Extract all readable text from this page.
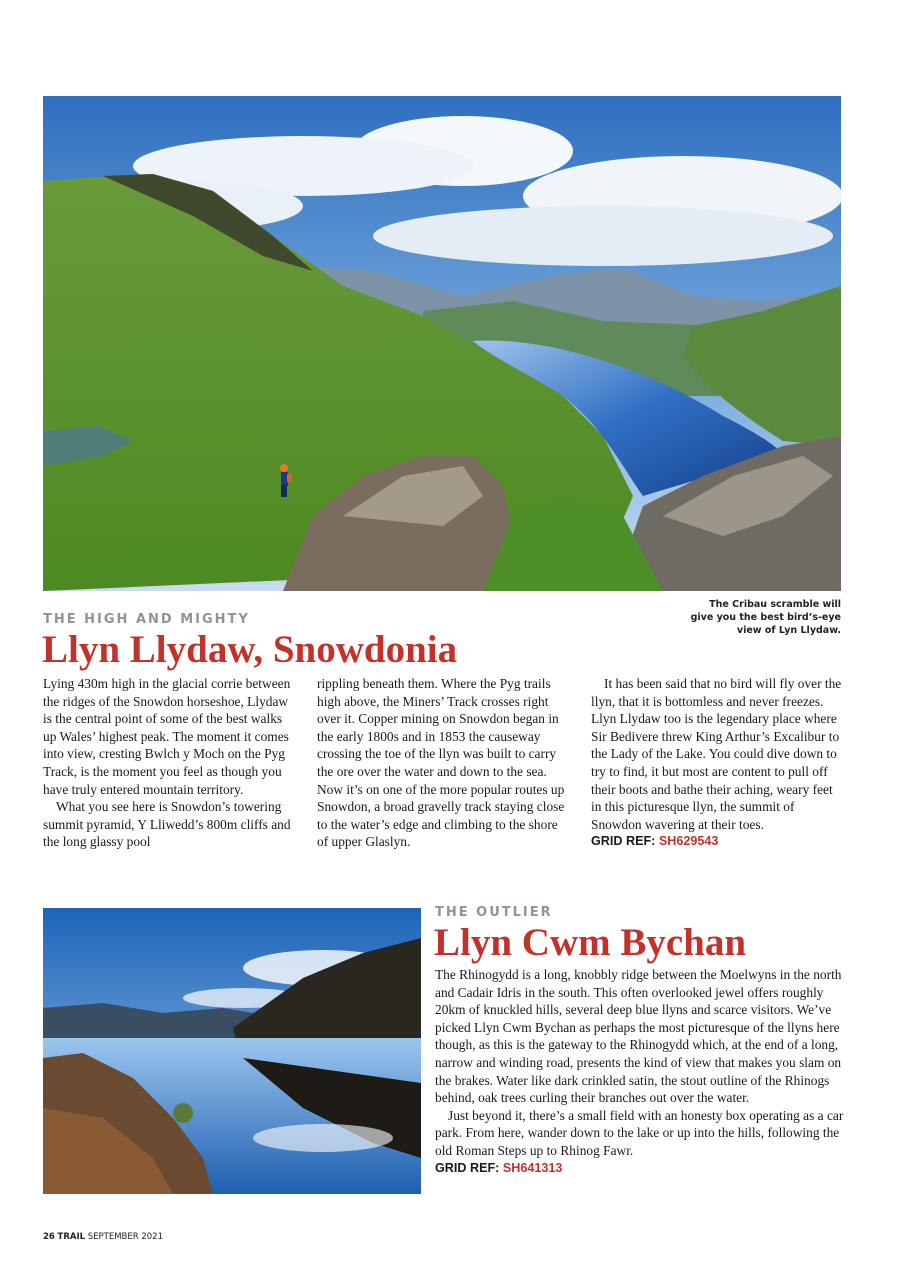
The Cribau scramble will
give you the best bird’s-eye
view of Lyn Llydaw.
THE HIGH AND MIGHTY
Llyn Llydaw, Snowdonia

Lying 430m high in the glacial corrie between the ridges of the Snowdon horseshoe, Llydaw is the central point of some of the best walks up Wales’ highest peak. The moment it comes into view, cresting Bwlch y Moch on the Pyg Track, is the moment you feel as though you have truly entered mountain territory.

What you see here is Snowdon’s towering summit pyramid, Y Lliwedd’s 800m cliffs and the long glassy pool

rippling beneath them. Where the Pyg trails high above, the Miners’ Track crosses right over it. Copper mining on Snowdon began in the early 1800s and in 1853 the causeway crossing the toe of the llyn was built to carry the ore over the water and down to the sea. Now it’s on one of the more popular routes up Snowdon, a broad gravelly track staying close to the water’s edge and climbing to the shore of upper Glaslyn.

It has been said that no bird will fly over the llyn, that it is bottomless and never freezes. Llyn Llydaw too is the legendary place where Sir Bedivere threw King Arthur’s Excalibur to the Lady of the Lake. You could dive down to try to find, it but most are content to pull off their boots and bathe their aching, weary feet in this picturesque llyn, the summit of Snowdon wavering at their toes.

GRID REF: SH629543

THE OUTLIER
Llyn Cwm Bychan

The Rhinogydd is a long, knobbly ridge between the Moelwyns in the north and Cadair Idris in the south. This often overlooked jewel offers roughly 20km of knuckled hills, several deep blue llyns and scarce visitors. We’ve picked Llyn Cwm Bychan as perhaps the most picturesque of the llyns here though, as this is the gateway to the Rhinogydd which, at the end of a long, narrow and winding road, presents the kind of view that makes you slam on the brakes. Water like dark crinkled satin, the stout outline of the Rhinogs behind, oak trees curling their branches out over the water.

Just beyond it, there’s a small field with an honesty box operating as a car park. From here, wander down to the lake or up into the hills, following the old Roman Steps up to Rhinog Fawr.

GRID REF: SH641313

26 TRAIL SEPTEMBER 2021
